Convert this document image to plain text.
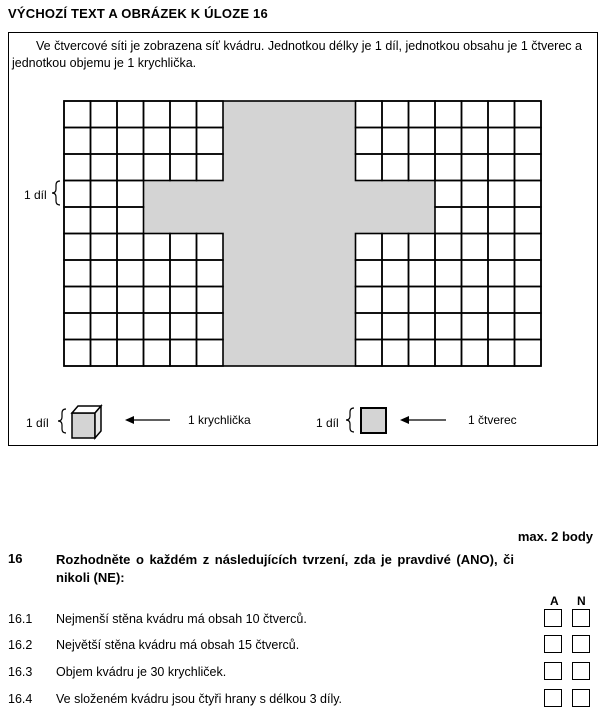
VÝCHOZÍ TEXT A OBRÁZEK K ÚLOZE 16
Ve čtvercové síti je zobrazena síť kvádru. Jednotkou délky je 1 díl, jednotkou obsahu je 1 čtverec a jednotkou objemu je 1 krychlička.
1 díl
1 díl	1 krychlička	1 díl	1 čtverec
max. 2 body
16	Rozhodněte o každém z následujících tvrzení, zda je pravdivé (ANO), či nikoli (NE):
A N
16.1	Nejmenší stěna kvádru má obsah 10 čtverců.
16.2	Největší stěna kvádru má obsah 15 čtverců.
16.3	Objem kvádru je 30 krychliček.
16.4	Ve složeném kvádru jsou čtyři hrany s délkou 3 díly.
